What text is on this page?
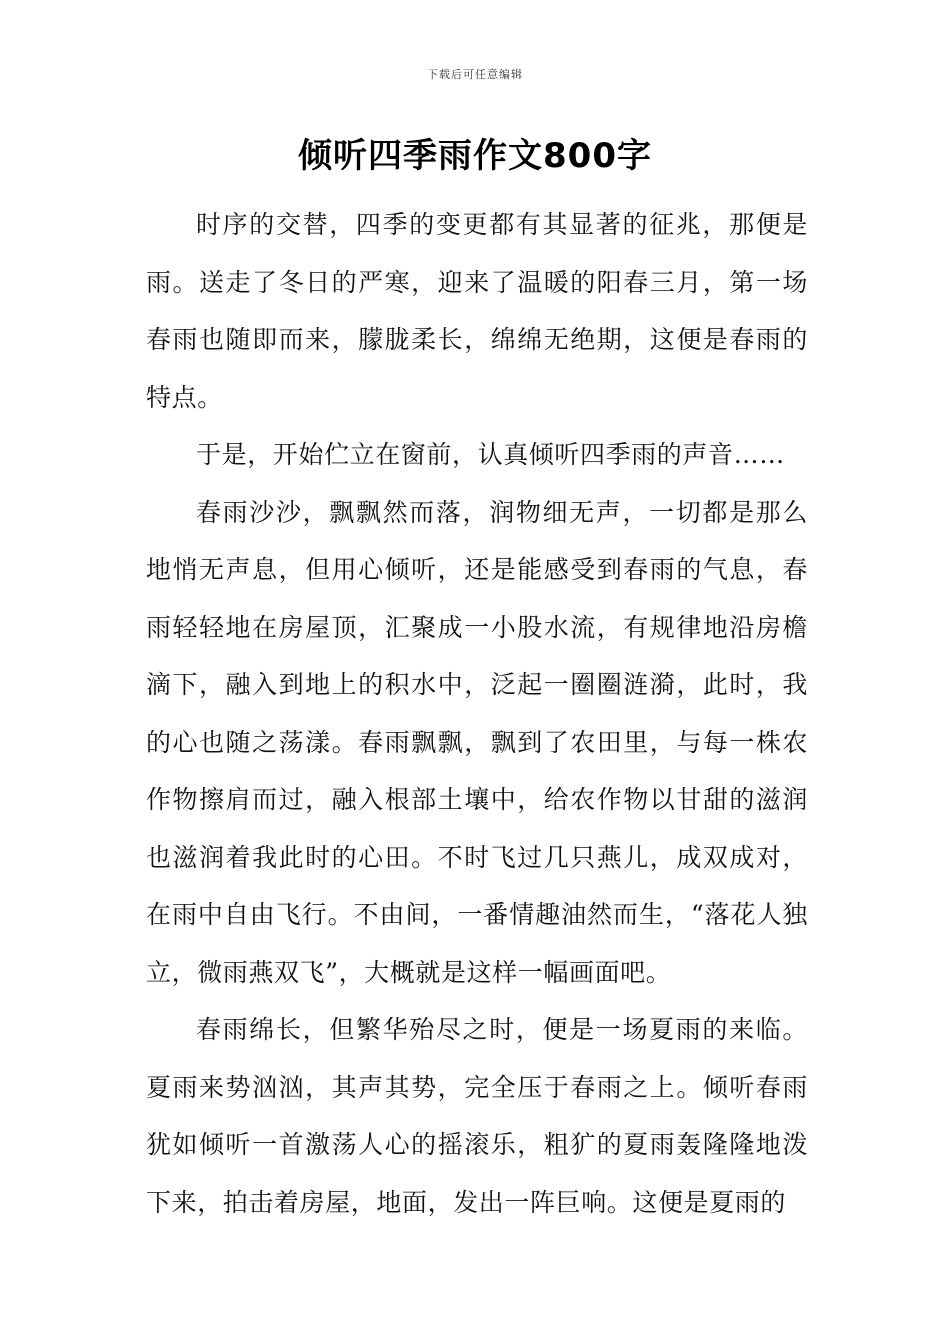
下载后可任意编辑
倾听四季雨作文800字

时序的交替，四季的变更都有其显著的征兆，那便是雨。送走了冬日的严寒，迎来了温暖的阳春三月，第一场春雨也随即而来，朦胧柔长，绵绵无绝期，这便是春雨的特点。

于是，开始伫立在窗前，认真倾听四季雨的声音……

春雨沙沙，飘飘然而落，润物细无声，一切都是那么地悄无声息，但用心倾听，还是能感受到春雨的气息，春雨轻轻地在房屋顶，汇聚成一小股水流，有规律地沿房檐滴下，融入到地上的积水中，泛起一圈圈涟漪，此时，我的心也随之荡漾。春雨飘飘，飘到了农田里，与每一株农作物擦肩而过，融入根部土壤中，给农作物以甘甜的滋润也滋润着我此时的心田。不时飞过几只燕儿，成双成对，在雨中自由飞行。不由间，一番情趣油然而生，“落花人独立，微雨燕双飞”，大概就是这样一幅画面吧。

春雨绵长，但繁华殆尽之时，便是一场夏雨的来临。夏雨来势汹汹，其声其势，完全压于春雨之上。倾听春雨犹如倾听一首激荡人心的摇滚乐，粗犷的夏雨轰隆隆地泼下来，拍击着房屋，地面，发出一阵巨响。这便是夏雨的
